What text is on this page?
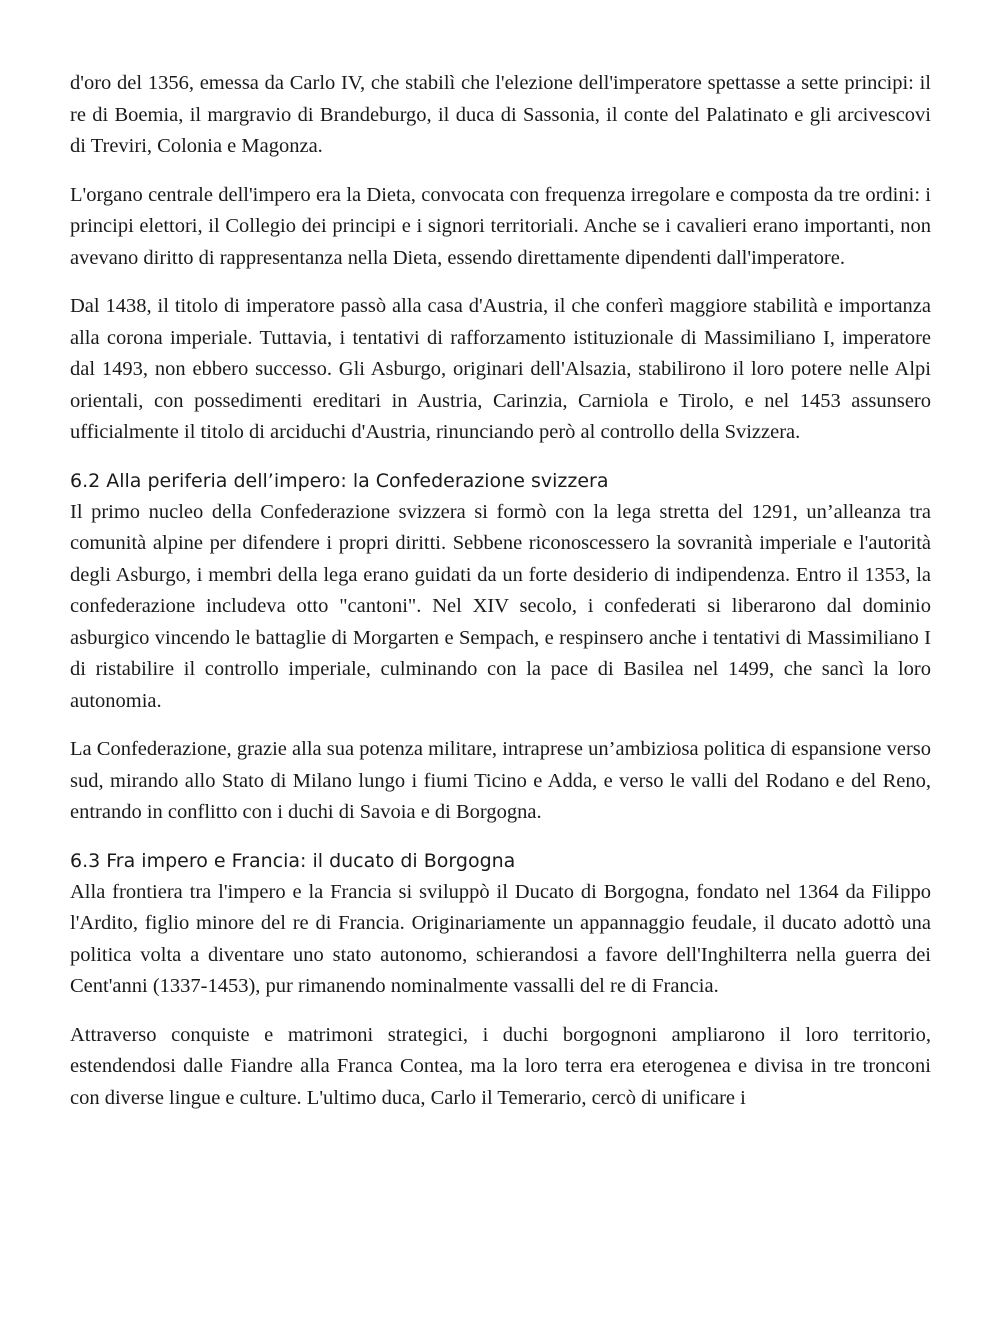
d'oro del 1356, emessa da Carlo IV, che stabilì che l'elezione dell'imperatore spettasse a sette principi: il re di Boemia, il margravio di Brandeburgo, il duca di Sassonia, il conte del Palatinato e gli arcivescovi di Treviri, Colonia e Magonza.

L'organo centrale dell'impero era la Dieta, convocata con frequenza irregolare e composta da tre ordini: i principi elettori, il Collegio dei principi e i signori territoriali. Anche se i cavalieri erano importanti, non avevano diritto di rappresentanza nella Dieta, essendo direttamente dipendenti dall'imperatore.

Dal 1438, il titolo di imperatore passò alla casa d'Austria, il che conferì maggiore stabilità e importanza alla corona imperiale. Tuttavia, i tentativi di rafforzamento istituzionale di Massimiliano I, imperatore dal 1493, non ebbero successo. Gli Asburgo, originari dell'Alsazia, stabilirono il loro potere nelle Alpi orientali, con possedimenti ereditari in Austria, Carinzia, Carniola e Tirolo, e nel 1453 assunsero ufficialmente il titolo di arciduchi d'Austria, rinunciando però al controllo della Svizzera.

6.2 Alla periferia dell’impero: la Confederazione svizzera

Il primo nucleo della Confederazione svizzera si formò con la lega stretta del 1291, un’alleanza tra comunità alpine per difendere i propri diritti. Sebbene riconoscessero la sovranità imperiale e l'autorità degli Asburgo, i membri della lega erano guidati da un forte desiderio di indipendenza. Entro il 1353, la confederazione includeva otto "cantoni". Nel XIV secolo, i confederati si liberarono dal dominio asburgico vincendo le battaglie di Morgarten e Sempach, e respinsero anche i tentativi di Massimiliano I di ristabilire il controllo imperiale, culminando con la pace di Basilea nel 1499, che sancì la loro autonomia.

La Confederazione, grazie alla sua potenza militare, intraprese un’ambiziosa politica di espansione verso sud, mirando allo Stato di Milano lungo i fiumi Ticino e Adda, e verso le valli del Rodano e del Reno, entrando in conflitto con i duchi di Savoia e di Borgogna.

6.3 Fra impero e Francia: il ducato di Borgogna

Alla frontiera tra l'impero e la Francia si sviluppò il Ducato di Borgogna, fondato nel 1364 da Filippo l'Ardito, figlio minore del re di Francia. Originariamente un appannaggio feudale, il ducato adottò una politica volta a diventare uno stato autonomo, schierandosi a favore dell'Inghilterra nella guerra dei Cent'anni (1337-1453), pur rimanendo nominalmente vassalli del re di Francia.

Attraverso conquiste e matrimoni strategici, i duchi borgognoni ampliarono il loro territorio, estendendosi dalle Fiandre alla Franca Contea, ma la loro terra era eterogenea e divisa in tre tronconi con diverse lingue e culture. L'ultimo duca, Carlo il Temerario, cercò di unificare i
